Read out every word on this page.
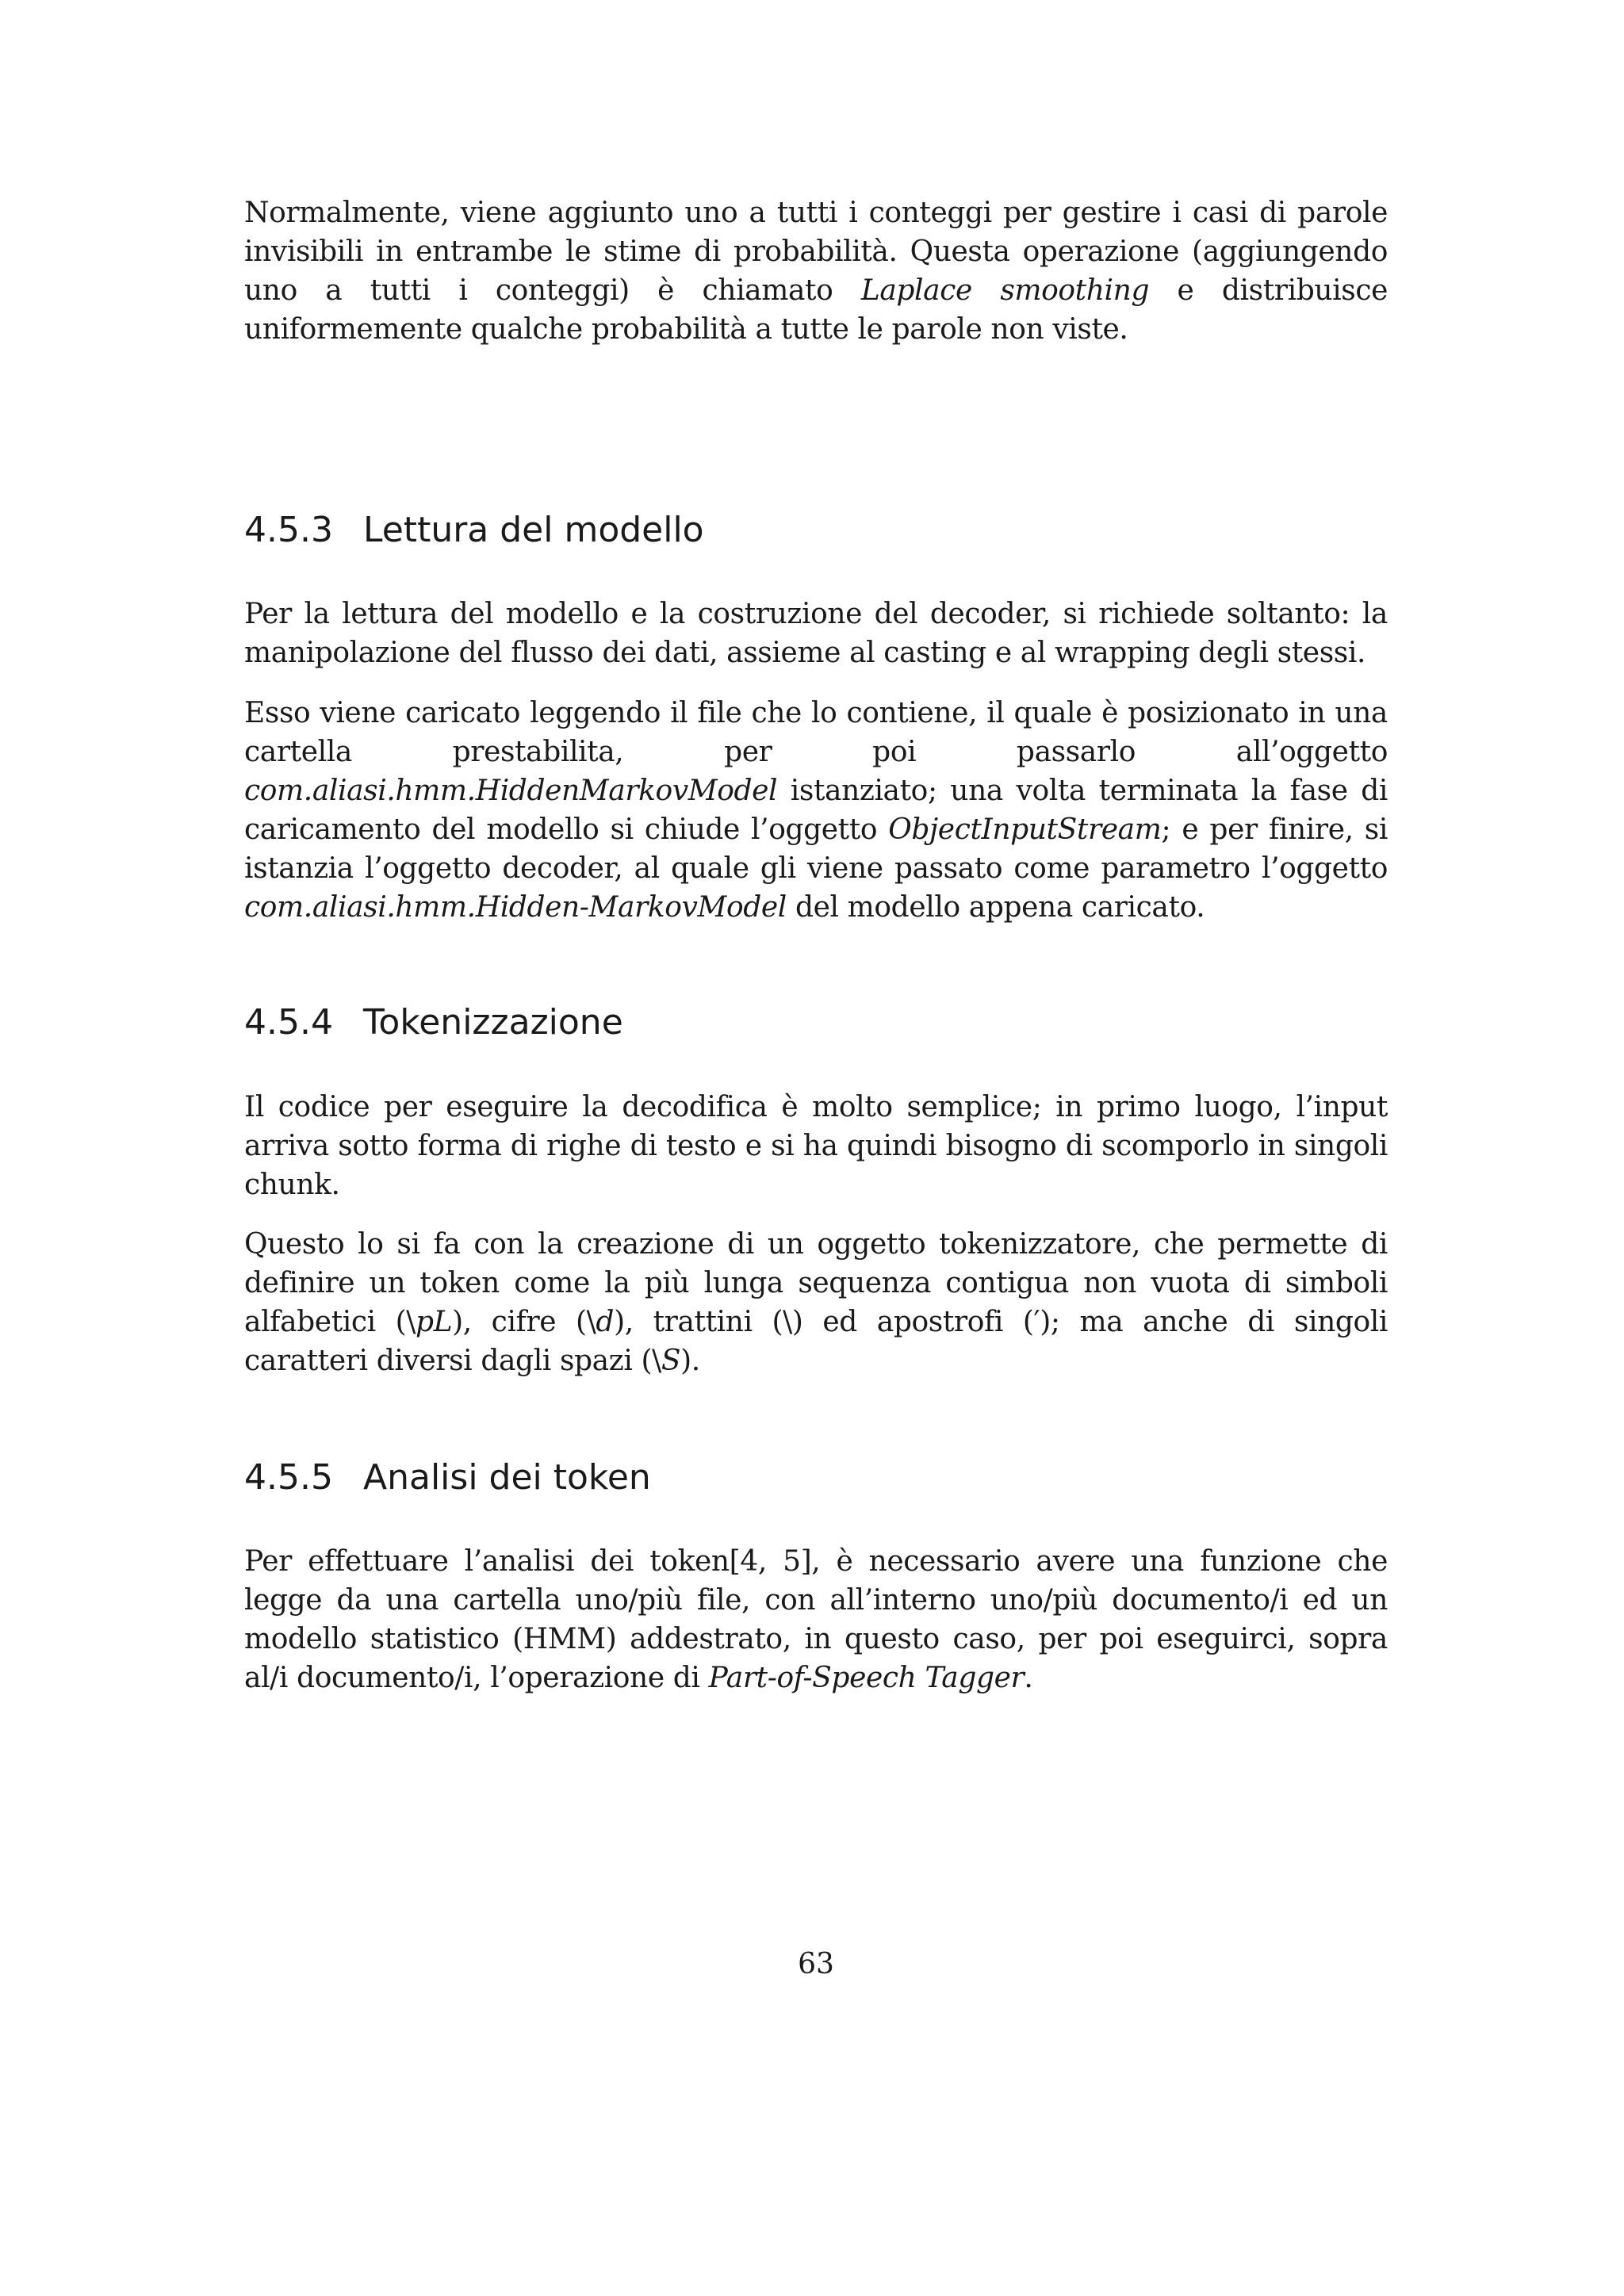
Normalmente, viene aggiunto uno a tutti i conteggi per gestire i casi di parole invisibili in entrambe le stime di probabilità. Questa operazione (aggiungendo uno a tutti i conteggi) è chiamato Laplace smoothing e distribuisce uniformemente qualche probabilità a tutte le parole non viste.

4.5.3 Lettura del modello

Per la lettura del modello e la costruzione del decoder, si richiede soltanto: la manipolazione del flusso dei dati, assieme al casting e al wrapping degli stessi.

Esso viene caricato leggendo il file che lo contiene, il quale è posizionato in una cartella prestabilita, per poi passarlo all’oggetto com.aliasi.hmm.HiddenMarkovModel istanziato; una volta terminata la fase di caricamento del modello si chiude l’oggetto ObjectInputStream; e per finire, si istanzia l’oggetto decoder, al quale gli viene passato come parametro l’oggetto com.aliasi.hmm.Hidden-MarkovModel del modello appena caricato.

4.5.4 Tokenizzazione

Il codice per eseguire la decodifica è molto semplice; in primo luogo, l’input arriva sotto forma di righe di testo e si ha quindi bisogno di scomporlo in singoli chunk.

Questo lo si fa con la creazione di un oggetto tokenizzatore, che permette di definire un token come la più lunga sequenza contigua non vuota di simboli alfabetici (\pL), cifre (\d), trattini (\) ed apostrofi (′); ma anche di singoli caratteri diversi dagli spazi (\S).

4.5.5 Analisi dei token

Per effettuare l’analisi dei token[4, 5], è necessario avere una funzione che legge da una cartella uno/più file, con all’interno uno/più documento/i ed un modello statistico (HMM) addestrato, in questo caso, per poi eseguirci, sopra al/i documento/i, l’operazione di Part-of-Speech Tagger.

63
